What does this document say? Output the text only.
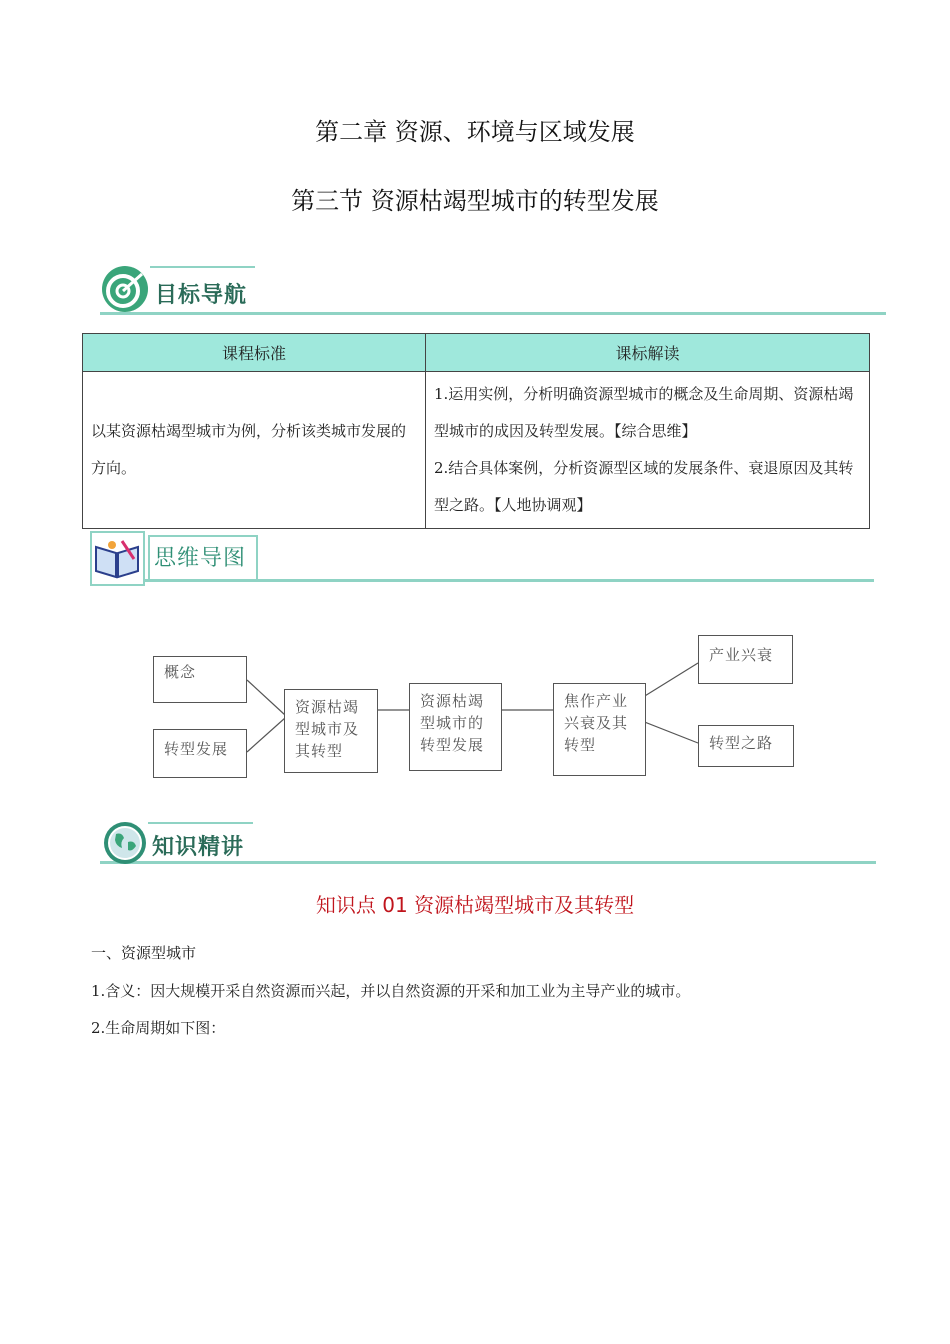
第二章 资源、环境与区域发展
第三节 资源枯竭型城市的转型发展
目标导航
课程标准	课标解读
以某资源枯竭型城市为例，分析该类城市发展的方向。	1.运用实例，分析明确资源型城市的概念及生命周期、资源枯竭型城市的成因及转型发展。【综合思维】
2.结合具体案例，分析资源型区域的发展条件、衰退原因及其转型之路。【人地协调观】
思维导图
概念
转型发展
资源枯竭型城市及其转型
资源枯竭型城市的转型发展
焦作产业兴衰及其转型
产业兴衰
转型之路
知识精讲
知识点 01 资源枯竭型城市及其转型
一、资源型城市
1.含义：因大规模开采自然资源而兴起，并以自然资源的开采和加工业为主导产业的城市。
2.生命周期如下图：
